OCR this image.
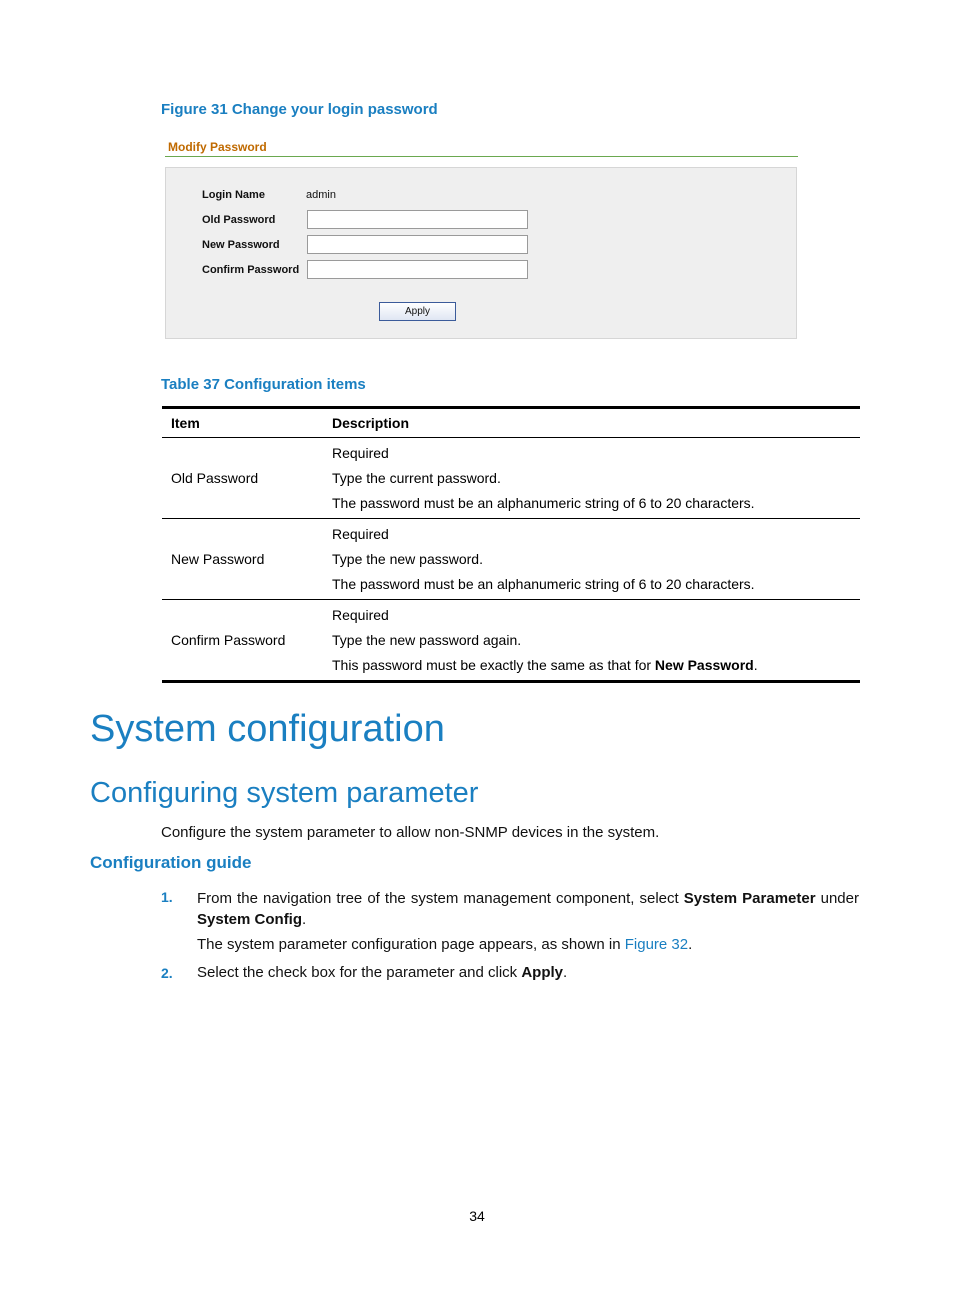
Figure 31 Change your login password
Modify Password
Login Name	admin
Old Password
New Password
Confirm Password
Apply
Table 37 Configuration items
Item	Description
Old Password	Required
Type the current password.
The password must be an alphanumeric string of 6 to 20 characters.

New Password	Required
Type the new password.
The password must be an alphanumeric string of 6 to 20 characters.

Confirm Password	Required
Type the new password again.
This password must be exactly the same as that for New Password.
System configuration
Configuring system parameter
Configure the system parameter to allow non-SNMP devices in the system.
Configuration guide
1. From the navigation tree of the system management component, select System Parameter under
System Config.
The system parameter configuration page appears, as shown in Figure 32.
2. Select the check box for the parameter and click Apply.
34
